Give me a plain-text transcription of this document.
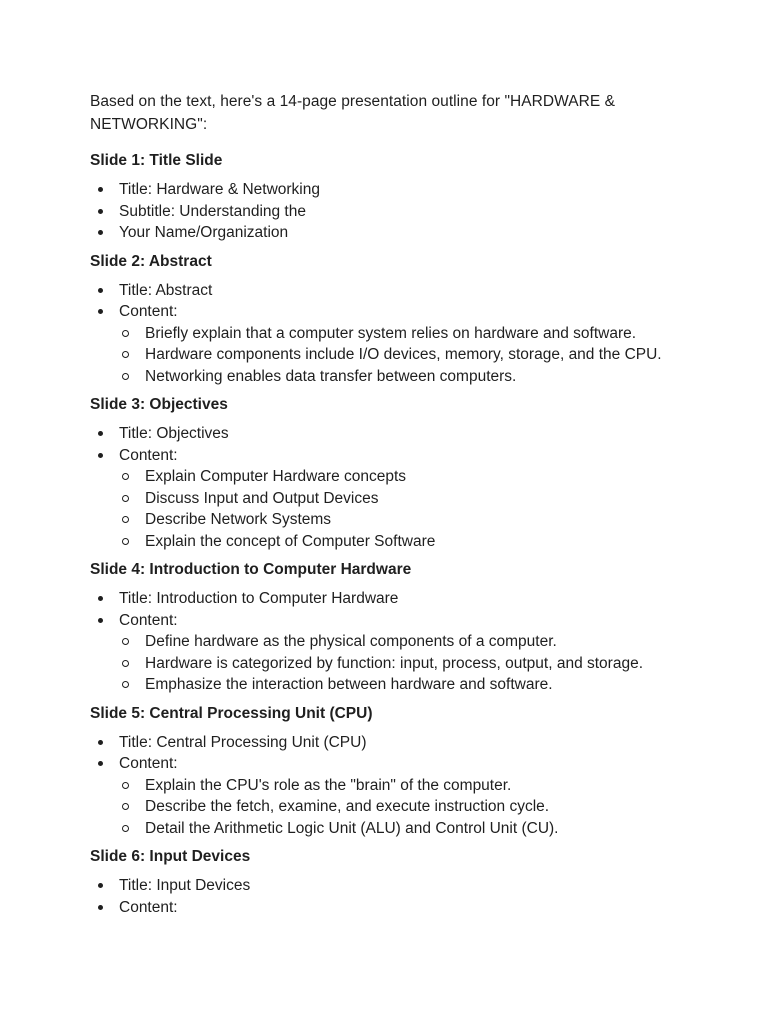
Based on the text, here's a 14-page presentation outline for "HARDWARE & NETWORKING":

Slide 1: Title Slide
Title: Hardware & Networking
Subtitle: Understanding the
Your Name/Organization
Slide 2: Abstract
Title: Abstract
Content:
Briefly explain that a computer system relies on hardware and software.
Hardware components include I/O devices, memory, storage, and the CPU.
Networking enables data transfer between computers.
Slide 3: Objectives
Title: Objectives
Content:
Explain Computer Hardware concepts
Discuss Input and Output Devices
Describe Network Systems
Explain the concept of Computer Software
Slide 4: Introduction to Computer Hardware
Title: Introduction to Computer Hardware
Content:
Define hardware as the physical components of a computer.
Hardware is categorized by function: input, process, output, and storage.
Emphasize the interaction between hardware and software.
Slide 5: Central Processing Unit (CPU)
Title: Central Processing Unit (CPU)
Content:
Explain the CPU's role as the "brain" of the computer.
Describe the fetch, examine, and execute instruction cycle.
Detail the Arithmetic Logic Unit (ALU) and Control Unit (CU).
Slide 6: Input Devices
Title: Input Devices
Content:
